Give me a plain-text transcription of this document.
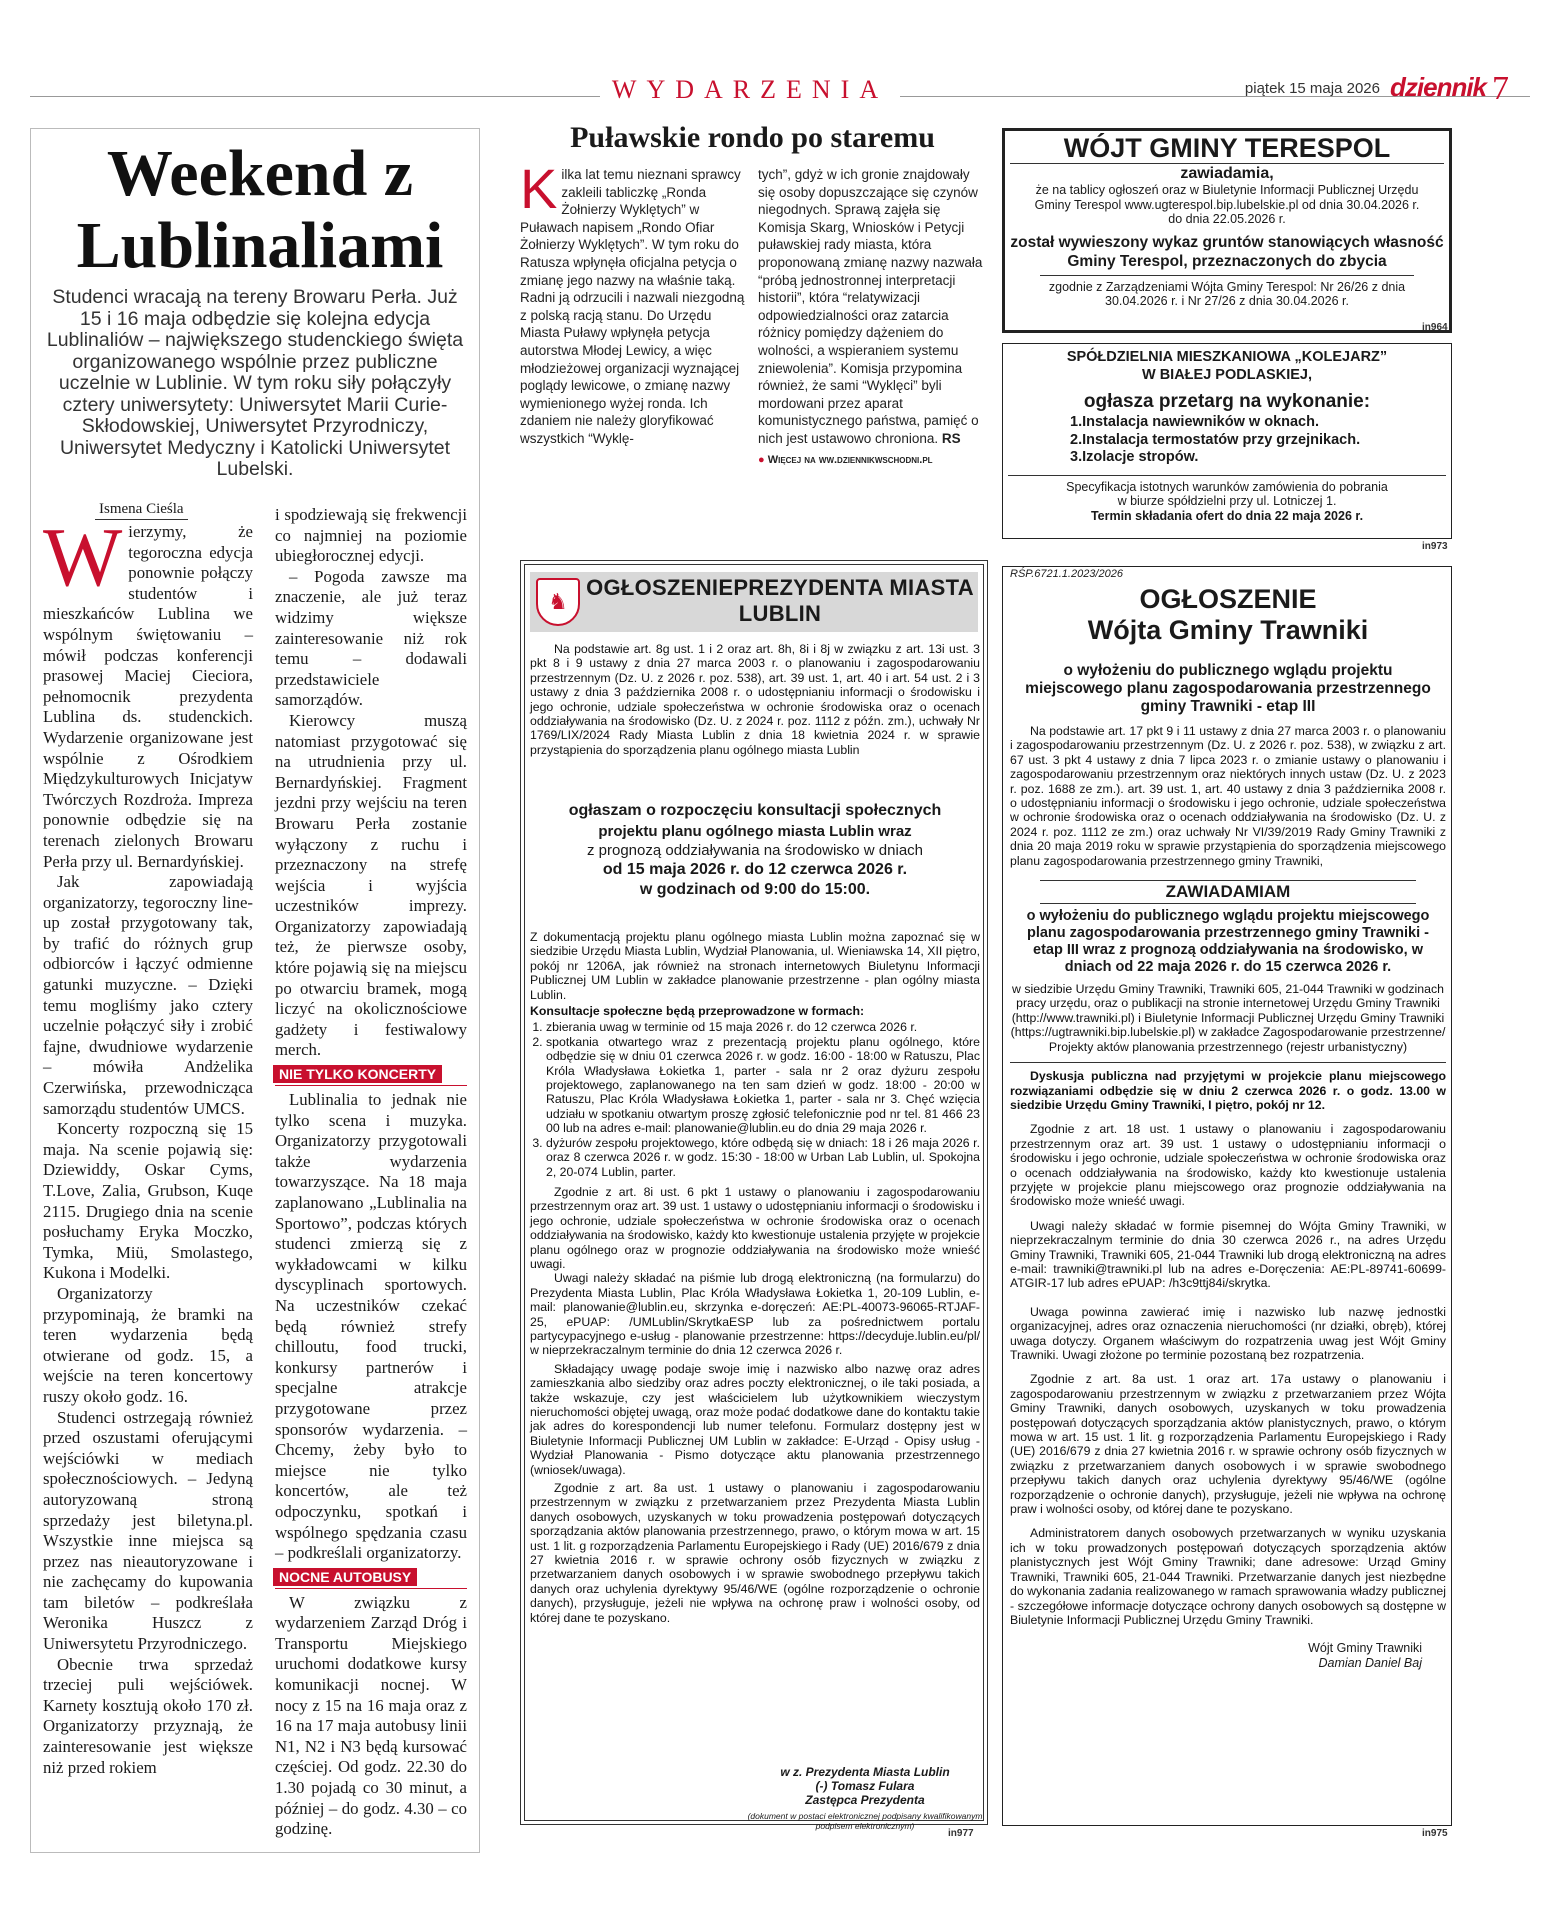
WYDARZENIA	piątek 15 maja 2026 dziennik 7
Weekend z Lublinaliami
Studenci wracają na tereny Browaru Perła. Już 15 i 16 maja odbędzie się kolejna edycja Lublinaliów – największego studenckiego święta organizowanego wspólnie przez publiczne uczelnie w Lublinie. W tym roku siły połączyły cztery uniwersytety: Uniwersytet Marii Curie-Skłodowskiej, Uniwersytet Przyrodniczy, Uniwersytet Medyczny i Katolicki Uniwersytet Lubelski.
Ismena Cieśla

Wierzymy, że tegoroczna edycja ponownie połączy studentów i mieszkańców Lublina we wspólnym świętowaniu – mówił podczas konferencji prasowej Maciej Cieciora, pełnomocnik prezydenta Lublina ds. studenckich. Wydarzenie organizowane jest wspólnie z Ośrodkiem Międzykulturowych Inicjatyw Twórczych Rozdroża. Impreza ponownie odbędzie się na terenach zielonych Browaru Perła przy ul. Bernardyńskiej.

Jak zapowiadają organizatorzy, tegoroczny line-up został przygotowany tak, by trafić do różnych grup odbiorców i łączyć odmienne gatunki muzyczne. – Dzięki temu mogliśmy jako cztery uczelnie połączyć siły i zrobić fajne, dwudniowe wydarzenie – mówiła Andżelika Czerwińska, przewodnicząca samorządu studentów UMCS.

Koncerty rozpoczną się 15 maja. Na scenie pojawią się: Dziewiddy, Oskar Cyms, T.Love, Zalia, Grubson, Kuqe 2115. Drugiego dnia na scenie posłuchamy Eryka Moczko, Tymka, Miü, Smolastego, Kukona i Modelki.

Organizatorzy przypominają, że bramki na teren wydarzenia będą otwierane od godz. 15, a wejście na teren koncertowy ruszy około godz. 16.

Studenci ostrzegają również przed oszustami oferującymi wejściówki w mediach społecznościowych. – Jedyną autoryzowaną stroną sprzedaży jest biletyna.pl. Wszystkie inne miejsca są przez nas nieautoryzowane i nie zachęcamy do kupowania tam biletów – podkreślała Weronika Huszcz z Uniwersytetu Przyrodniczego.

Obecnie trwa sprzedaż trzeciej puli wejściówek. Karnety kosztują około 170 zł. Organizatorzy przyznają, że zainteresowanie jest większe niż przed rokiem

i spodziewają się frekwencji co najmniej na poziomie ubiegłorocznej edycji.

– Pogoda zawsze ma znaczenie, ale już teraz widzimy większe zainteresowanie niż rok temu – dodawali przedstawiciele samorządów.

Kierowcy muszą natomiast przygotować się na utrudnienia przy ul. Bernardyńskiej. Fragment jezdni przy wejściu na teren Browaru Perła zostanie wyłączony z ruchu i przeznaczony na strefę wejścia i wyjścia uczestników imprezy. Organizatorzy zapowiadają też, że pierwsze osoby, które pojawią się na miejscu po otwarciu bramek, mogą liczyć na okolicznościowe gadżety i festiwalowy merch.

NIE TYLKO KONCERTY

Lublinalia to jednak nie tylko scena i muzyka. Organizatorzy przygotowali także wydarzenia towarzyszące. Na 18 maja zaplanowano „Lublinalia na Sportowo”, podczas których studenci zmierzą się z wykładowcami w kilku dyscyplinach sportowych. Na uczestników czekać będą również strefy chilloutu, food trucki, konkursy partnerów i specjalne atrakcje przygotowane przez sponsorów wydarzenia. – Chcemy, żeby było to miejsce nie tylko koncertów, ale też odpoczynku, spotkań i wspólnego spędzania czasu – podkreślali organizatorzy.

NOCNE AUTOBUSY

W związku z wydarzeniem Zarząd Dróg i Transportu Miejskiego uruchomi dodatkowe kursy komunikacji nocnej. W nocy z 15 na 16 maja oraz z 16 na 17 maja autobusy linii N1, N2 i N3 będą kursować częściej. Od godz. 22.30 do 1.30 pojadą co 30 minut, a później – do godz. 4.30 – co godzinę.

Puławskie rondo po staremu
Kilka lat temu nieznani sprawcy zakleili tabliczkę „Ronda Żołnierzy Wyklętych” w Puławach napisem „Rondo Ofiar Żołnierzy Wyklętych”. W tym roku do Ratusza wpłynęła oficjalna petycja o zmianę jego nazwy na właśnie taką. Radni ją odrzucili i nazwali niezgodną z polską racją stanu. Do Urzędu Miasta Puławy wpłynęła petycja autorstwa Młodej Lewicy, a więc młodzieżowej organizacji wyznającej poglądy lewicowe, o zmianę nazwy wymienionego wyżej ronda. Ich zdaniem nie należy gloryfikować wszystkich “Wyklę-
tych”, gdyż w ich gronie znajdowały się osoby dopuszczające się czynów niegodnych. Sprawą zajęła się Komisja Skarg, Wniosków i Petycji puławskiej rady miasta, która proponowaną zmianę nazwy nazwała “próbą jednostronnej interpretacji historii”, która “relatywizacji odpowiedzialności oraz zatarcia różnicy pomiędzy dążeniem do wolności, a wspieraniem systemu zniewolenia”. Komisja przypomina również, że sami “Wyklęci” byli mordowani przez aparat komunistycznego państwa, pamięć o nich jest ustawowo chroniona. RS
● Więcej na ww.dziennikwschodni.pl
♞
OGŁOSZENIEPREZYDENTA MIASTA LUBLIN

Na podstawie art. 8g ust. 1 i 2 oraz art. 8h, 8i i 8j w związku z art. 13i ust. 3 pkt 8 i 9 ustawy z dnia 27 marca 2003 r. o planowaniu i zagospodarowaniu przestrzennym (Dz. U. z 2026 r. poz. 538), art. 39 ust. 1, art. 40 i art. 54 ust. 2 i 3 ustawy z dnia 3 października 2008 r. o udostępnianiu informacji o środowisku i jego ochronie, udziale społeczeństwa w ochronie środowiska oraz o ocenach oddziaływania na środowisko (Dz. U. z 2024 r. poz. 1112 z późn. zm.), uchwały Nr 1769/LIX/2024 Rady Miasta Lublin z dnia 18 kwietnia 2024 r. w sprawie przystąpienia do sporządzenia planu ogólnego miasta Lublin

ogłaszam o rozpoczęciu konsultacji społecznych
projektu planu ogólnego miasta Lublin wraz
z prognozą oddziaływania na środowisko w dniach
od 15 maja 2026 r. do 12 czerwca 2026 r.
w godzinach od 9:00 do 15:00.

Z dokumentacją projektu planu ogólnego miasta Lublin można zapoznać się w siedzibie Urzędu Miasta Lublin, Wydział Planowania, ul. Wieniawska 14, XII piętro, pokój nr 1206A, jak również na stronach internetowych Biuletynu Informacji Publicznej UM Lublin w zakładce planowanie przestrzenne - plan ogólny miasta Lublin.

Konsultacje społeczne będą przeprowadzone w formach:

1. zbierania uwag w terminie od 15 maja 2026 r. do 12 czerwca 2026 r.
2. spotkania otwartego wraz z prezentacją projektu planu ogólnego, które odbędzie się w dniu 01 czerwca 2026 r. w godz. 16:00 - 18:00 w Ratuszu, Plac Króla Władysława Łokietka 1, parter - sala nr 2 oraz dyżuru zespołu projektowego, zaplanowanego na ten sam dzień w godz. 18:00 - 20:00 w Ratuszu, Plac Króla Władysława Łokietka 1, parter - sala nr 3. Chęć wzięcia udziału w spotkaniu otwartym proszę zgłosić telefonicznie pod nr tel. 81 466 23 00 lub na adres e-mail: planowanie@lublin.eu do dnia 29 maja 2026 r.
3. dyżurów zespołu projektowego, które odbędą się w dniach: 18 i 26 maja 2026 r. oraz 8 czerwca 2026 r. w godz. 15:30 - 18:00 w Urban Lab Lublin, ul. Spokojna 2, 20-074 Lublin, parter.

Zgodnie z art. 8i ust. 6 pkt 1 ustawy o planowaniu i zagospodarowaniu przestrzennym oraz art. 39 ust. 1 ustawy o udostępnianiu informacji o środowisku i jego ochronie, udziale społeczeństwa w ochronie środowiska oraz o ocenach oddziaływania na środowisko, każdy kto kwestionuje ustalenia przyjęte w projekcie planu ogólnego oraz w prognozie oddziaływania na środowisko może wnieść uwagi.

Uwagi należy składać na piśmie lub drogą elektroniczną (na formularzu) do Prezydenta Miasta Lublin, Plac Króla Władysława Łokietka 1, 20-109 Lublin, e-mail: planowanie@lublin.eu, skrzynka e-doręczeń: AE:PL-40073-96065-RTJAF-25, ePUAP: /UMLublin/SkrytkaESP lub za pośrednictwem portalu partycypacyjnego e-usług - planowanie przestrzenne: https://decyduje.lublin.eu/pl/ w nieprzekraczalnym terminie do dnia 12 czerwca 2026 r.

Składający uwagę podaje swoje imię i nazwisko albo nazwę oraz adres zamieszkania albo siedziby oraz adres poczty elektronicznej, o ile taki posiada, a także wskazuje, czy jest właścicielem lub użytkownikiem wieczystym nieruchomości objętej uwagą, oraz może podać dodatkowe dane do kontaktu takie jak adres do korespondencji lub numer telefonu. Formularz dostępny jest w Biuletynie Informacji Publicznej UM Lublin w zakładce: E-Urząd - Opisy usług - Wydział Planowania - Pismo dotyczące aktu planowania przestrzennego (wniosek/uwaga).

Zgodnie z art. 8a ust. 1 ustawy o planowaniu i zagospodarowaniu przestrzennym w związku z przetwarzaniem przez Prezydenta Miasta Lublin danych osobowych, uzyskanych w toku prowadzenia postępowań dotyczących sporządzania aktów planowania przestrzennego, prawo, o którym mowa w art. 15 ust. 1 lit. g rozporządzenia Parlamentu Europejskiego i Rady (UE) 2016/679 z dnia 27 kwietnia 2016 r. w sprawie ochrony osób fizycznych w związku z przetwarzaniem danych osobowych i w sprawie swobodnego przepływu takich danych oraz uchylenia dyrektywy 95/46/WE (ogólne rozporządzenie o ochronie danych), przysługuje, jeżeli nie wpływa na ochronę praw i wolności osoby, od której dane te pozyskano.

w z. Prezydenta Miasta Lublin
(-) Tomasz Fulara
Zastępca Prezydenta
(dokument w postaci elektronicznej podpisany kwalifikowanym podpisem elektronicznym)
in977
WÓJT GMINY TERESPOL
zawiadamia,
że na tablicy ogłoszeń oraz w Biuletynie Informacji Publicznej Urzędu Gminy Terespol www.ugterespol.bip.lubelskie.pl od dnia 30.04.2026 r. do dnia 22.05.2026 r.
został wywieszony wykaz gruntów stanowiących własność Gminy Terespol, przeznaczonych do zbycia
zgodnie z Zarządzeniami Wójta Gminy Terespol: Nr 26/26 z dnia 30.04.2026 r. i Nr 27/26 z dnia 30.04.2026 r.
in964
SPÓŁDZIELNIA MIESZKANIOWA „KOLEJARZ”
W BIAŁEJ PODLASKIEJ,
ogłasza przetarg na wykonanie:
1.Instalacja nawiewników w oknach.
2.Instalacja termostatów przy grzejnikach.
3.Izolacje stropów.
Specyfikacja istotnych warunków zamówienia do pobrania
w biurze spółdzielni przy ul. Lotniczej 1.
Termin składania ofert do dnia 22 maja 2026 r.
in973
RŚP.6721.1.2023/2026
OGŁOSZENIE
Wójta Gminy Trawniki
o wyłożeniu do publicznego wglądu projektu miejscowego planu zagospodarowania przestrzennego gminy Trawniki - etap III

Na podstawie art. 17 pkt 9 i 11 ustawy z dnia 27 marca 2003 r. o planowaniu i zagospodarowaniu przestrzennym (Dz. U. z 2026 r. poz. 538), w związku z art. 67 ust. 3 pkt 4 ustawy z dnia 7 lipca 2023 r. o zmianie ustawy o planowaniu i zagospodarowaniu przestrzennym oraz niektórych innych ustaw (Dz. U. z 2023 r. poz. 1688 ze zm.). art. 39 ust. 1, art. 40 ustawy z dnia 3 października 2008 r. o udostępnianiu informacji o środowisku i jego ochronie, udziale społeczeństwa w ochronie środowiska oraz o ocenach oddziaływania na środowisko (Dz. U. z 2024 r. poz. 1112 ze zm.) oraz uchwały Nr VI/39/2019 Rady Gminy Trawniki z dnia 20 maja 2019 roku w sprawie przystąpienia do sporządzenia miejscowego planu zagospodarowania przestrzennego gminy Trawniki,

ZAWIADAMIAM
o wyłożeniu do publicznego wglądu projektu miejscowego planu zagospodarowania przestrzennego gminy Trawniki - etap III wraz z prognozą oddziaływania na środowisko, w dniach od 22 maja 2026 r. do 15 czerwca 2026 r.

w siedzibie Urzędu Gminy Trawniki, Trawniki 605, 21-044 Trawniki w godzinach pracy urzędu, oraz o publikacji na stronie internetowej Urzędu Gminy Trawniki (http://www.trawniki.pl) i Biuletynie Informacji Publicznej Urzędu Gminy Trawniki (https://ugtrawniki.bip.lubelskie.pl) w zakładce Zagospodarowanie przestrzenne/ Projekty aktów planowania przestrzennego (rejestr urbanistyczny)

Dyskusja publiczna nad przyjętymi w projekcie planu miejscowego rozwiązaniami odbędzie się w dniu 2 czerwca 2026 r. o godz. 13.00 w siedzibie Urzędu Gminy Trawniki, I piętro, pokój nr 12.

Zgodnie z art. 18 ust. 1 ustawy o planowaniu i zagospodarowaniu przestrzennym oraz art. 39 ust. 1 ustawy o udostępnianiu informacji o środowisku i jego ochronie, udziale społeczeństwa w ochronie środowiska oraz o ocenach oddziaływania na środowisko, każdy kto kwestionuje ustalenia przyjęte w projekcie planu miejscowego oraz prognozie oddziaływania na środowisko może wnieść uwagi.

Uwagi należy składać w formie pisemnej do Wójta Gminy Trawniki, w nieprzekraczalnym terminie do dnia 30 czerwca 2026 r., na adres Urzędu Gminy Trawniki, Trawniki 605, 21-044 Trawniki lub drogą elektroniczną na adres e-mail: trawniki@trawniki.pl lub na adres e-Doręczenia: AE:PL-89741-60699-ATGIR-17 lub adres ePUAP: /h3c9ttj84i/skrytka.

Uwaga powinna zawierać imię i nazwisko lub nazwę jednostki organizacyjnej, adres oraz oznaczenia nieruchomości (nr działki, obręb), której uwaga dotyczy. Organem właściwym do rozpatrzenia uwag jest Wójt Gminy Trawniki. Uwagi złożone po terminie pozostaną bez rozpatrzenia.

Zgodnie z art. 8a ust. 1 oraz art. 17a ustawy o planowaniu i zagospodarowaniu przestrzennym w związku z przetwarzaniem przez Wójta Gminy Trawniki, danych osobowych, uzyskanych w toku prowadzenia postępowań dotyczących sporządzania aktów planistycznych, prawo, o którym mowa w art. 15 ust. 1 lit. g rozporządzenia Parlamentu Europejskiego i Rady (UE) 2016/679 z dnia 27 kwietnia 2016 r. w sprawie ochrony osób fizycznych w związku z przetwarzaniem danych osobowych i w sprawie swobodnego przepływu takich danych oraz uchylenia dyrektywy 95/46/WE (ogólne rozporządzenie o ochronie danych), przysługuje, jeżeli nie wpływa na ochronę praw i wolności osoby, od której dane te pozyskano.

Administratorem danych osobowych przetwarzanych w wyniku uzyskania ich w toku prowadzonych postępowań dotyczących sporządzenia aktów planistycznych jest Wójt Gminy Trawniki; dane adresowe: Urząd Gminy Trawniki, Trawniki 605, 21-044 Trawniki. Przetwarzanie danych jest niezbędne do wykonania zadania realizowanego w ramach sprawowania władzy publicznej - szczegółowe informacje dotyczące ochrony danych osobowych są dostępne w Biuletynie Informacji Publicznej Urzędu Gminy Trawniki.

Wójt Gminy Trawniki
Damian Daniel Baj
in975
